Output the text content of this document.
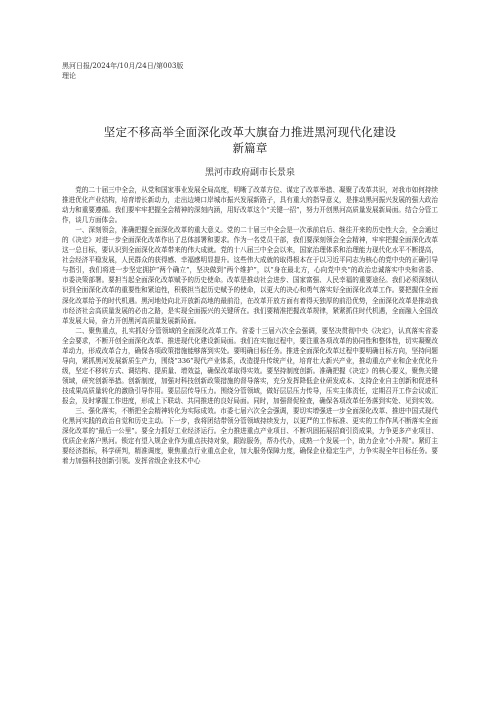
黑河日报/2024年/10月/24日/第003版
理论
坚定不移高举全面深化改革大旗奋力推进黑河现代化建设
新篇章
黑河市政府副市长景泉

党的二十届三中全会，从党和国家事业发展全局高度，明晰了改革方位、谋定了改革举措、凝聚了改革共识，对我市如何持续推进优化产业结构，培育增长新动力，走出边境口岸城市振兴发展新路子，具有重大的指导意义，是推动黑河振兴发展的强大政治动力和重要遵循。我们要牢牢把握全会精神的深刻内涵，用好改革这个“关键一招”，努力开创黑河高质量发展新局面。结合分管工作，谈几方面体会。

一、深刻领会，准确把握全面深化改革的重大意义。党的二十届三中全会是一次承前启后、继往开来的历史性大会，全会通过的《决定》对进一步全面深化改革作出了总体部署和要求。作为一名党员干部，我们要深刻领会全会精神，牢牢把握全面深化改革这一总目标，要认识到全面深化改革带来的伟大成就。党的十八届三中全会以来，国家治理体系和治理能力现代化水平不断提高，社会经济平稳发展，人民群众的获得感、幸福感明显提升。这些伟大成就的取得根本在于以习近平同志为核心的党中央的正确引导与指引，我们将进一步坚定拥护“两个确立”，坚决做到“两个维护”，以“身在最北方，心向党中央”的政治忠诚落实中央和省委、市委决策部署。要担当起全面深化改革赋予的历史使命。改革是推动社会进步、国家富强、人民幸福的重要途径。我们必须深刻认识到全面深化改革的重要性和紧迫性，积极担当起历史赋予的使命，以更大的决心和勇气落实好全面深化改革工作。要把握住全面深化改革给予的时代机遇。黑河地处向北开放新高地的最前沿，在改革开放方面有着得天独厚的前沿优势，全面深化改革是推动我市经济社会高质量发展的必由之路，是实现全面振兴的关键所在。我们要精准把握改革规律，紧紧抓住时代机遇，全面融入全国改革发展大局，奋力开创黑河高质量发展新局面。

二、聚焦重点，扎实抓好分管领域的全面深化改革工作。省委十三届六次全会强调，要坚决贯彻中央《决定》，认真落实省委全会要求，不断开创全面深化改革、推进现代化建设新局面。我们在实施过程中，要注重各项改革的协同性和整体性，切实凝聚改革动力，形成改革合力，确保各项政策措施能够落到实处。要明确目标任务。推进全面深化改革过程中要明确目标方向，坚持问题导向，紧抓黑河发展新质生产力，围绕“336”现代产业体系，改造提升传统产业，培育壮大新兴产业，推动重点产业和企业优化升级，坚定不移转方式、调结构、提质量、增效益，确保改革取得实效。要坚持制度创新。准确把握《决定》的核心要义，聚焦关键领域，研究创新举措。创新制度，加强对科技创新政策措施的督导落实，充分发挥降低企业研发成本、支持企业自主创新和促进科技成果高质量转化的激励引导作用。要层层传导压力。围绕分管领域，做好层层压力传导，压实主体责任，定期召开工作会议或汇报会，及时掌握工作进度，形成上下联动、共同推进的良好局面。同时，加强督促检查，确保各项改革任务落到实处、见到实效。

三、强化落实，不断把全会精神转化为实际成效。市委七届六次全会强调，要切实增强进一步全面深化改革、推进中国式现代化黑河实践的政治自觉和历史主动。下一步，我将团结带领分管领域持续发力，以更严的工作标准、更实的工作作风不断落实全面深化改革的“最后一公里”。要全力抓好工业经济运行。全力推进重点产业项目、不断巩固拓展招商引资成果，力争更多产业项目、优质企业落户黑河。锁定有望入规企业作为重点扶持对象，跟踪服务，帮办代办，成熟一个发展一个，助力企业“小升规”。紧盯主要经济指标，科学研判，精准调度，聚焦重点行业重点企业，加大服务保障力度，确保企业稳定生产，力争实现全年目标任务。要着力加强科技创新引领。发挥省级企业技术中心
